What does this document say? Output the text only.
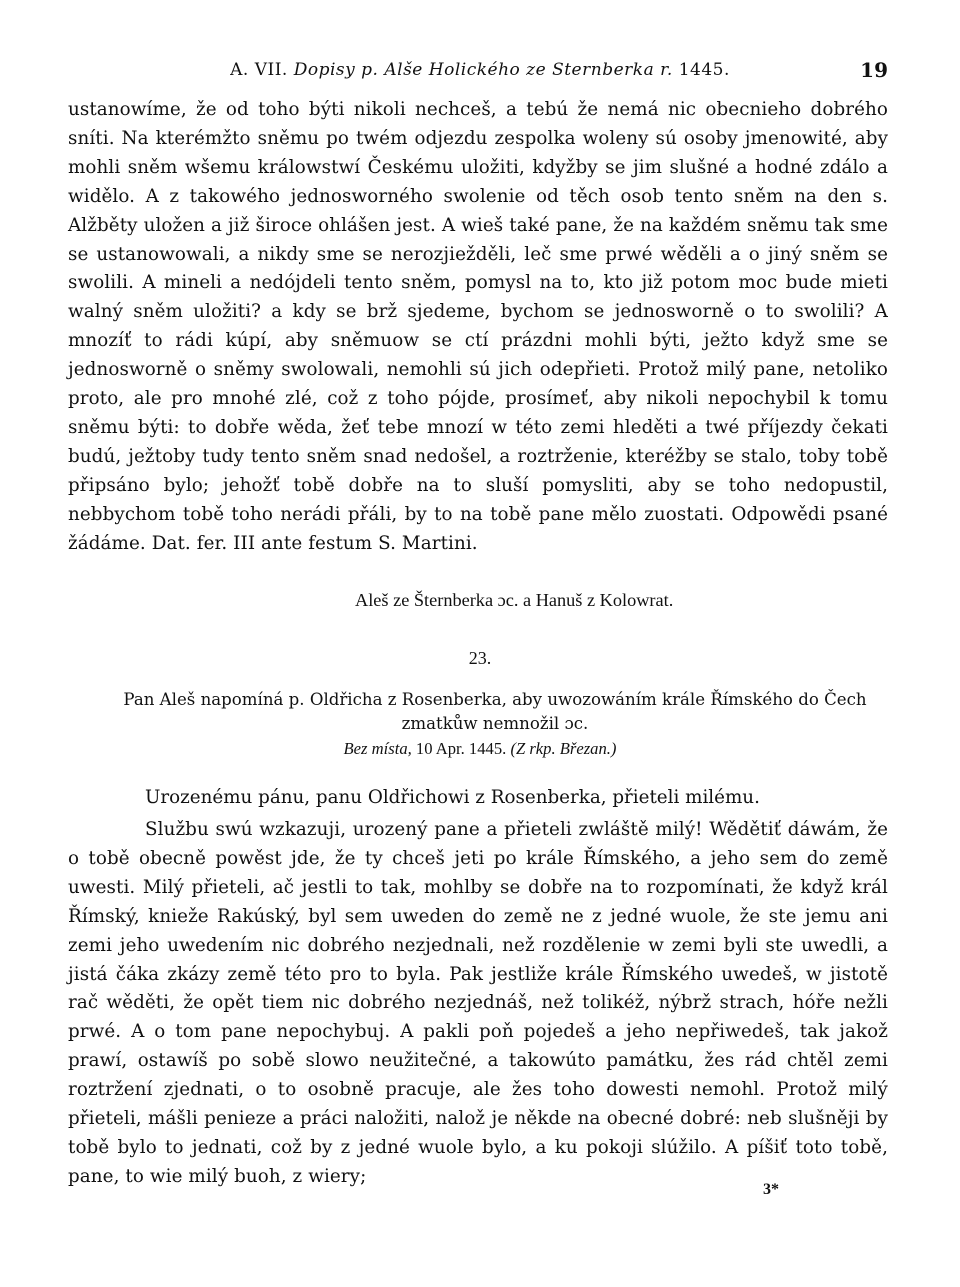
A. VII. Dopisy p. Alše Holického ze Sternberka r. 1445.	19
ustanowíme, že od toho býti nikoli nechceš, a tebú že nemá nic obecnieho dobrého sníti. Na kterémžto sněmu po twém odjezdu zespolka woleny sú osoby jmenowité, aby mohli sněm wšemu králowstwí Českému uložiti, kdyžby se jim slušné a hodné zdálo a widělo. A z takowého jednosworného swolenie od těch osob tento sněm na den s. Alžběty uložen a již široce ohlášen jest. A wieš také pane, že na každém sněmu tak sme se ustanowowali, a nikdy sme se nerozjiežděli, leč sme prwé wěděli a o jiný sněm se swolili. A mineli a nedójdeli tento sněm, pomysl na to, kto již potom moc bude mieti walný sněm uložiti? a kdy se brž sjedeme, bychom se jednosworně o to swolili? A mnozíť to rádi kúpí, aby sněmuow se ctí prázdni mohli býti, ježto když sme se jednosworně o sněmy swolowali, nemohli sú jich odepřieti. Protož milý pane, netoliko proto, ale pro mnohé zlé, což z toho pójde, prosímeť, aby nikoli nepochybil k tomu sněmu býti: to dobře wěda, žeť tebe mnozí w této zemi hleděti a twé příjezdy čekati budú, ježtoby tudy tento sněm snad nedošel, a roztrženie, kteréžby se stalo, toby tobě připsáno bylo; jehožť tobě dobře na to sluší pomysliti, aby se toho nedopustil, nebbychom tobě toho nerádi přáli, by to na tobě pane mělo zuostati. Odpowědi psané žádáme. Dat. fer. III ante festum S. Martini.
Aleš ze Šternberka ɔc. a Hanuš z Kolowrat.
23.
Pan Aleš napomíná p. Oldřicha z Rosenberka, aby uwozowáním krále Římského do Čech zmatkůw nemnožil ɔc.
Bez místa, 10 Apr. 1445. (Z rkp. Březan.)
Urozenému pánu, panu Oldřichowi z Rosenberka, přieteli milému.
Službu swú wzkazuji, urozený pane a přieteli zwláště milý! Wědětiť dáwám, že o tobě obecně powěst jde, že ty chceš jeti po krále Římského, a jeho sem do země uwesti. Milý přieteli, ač jestli to tak, mohlby se dobře na to rozpomínati, že když král Římský, knieže Rakúský, byl sem uweden do země ne z jedné wuole, že ste jemu ani zemi jeho uwedením nic dobrého nezjednali, než rozdělenie w zemi byli ste uwedli, a jistá čáka zkázy země této pro to byla. Pak jestliže krále Římského uwedeš, w jistotě rač wěděti, že opět tiem nic dobrého nezjednáš, než tolikéž, nýbrž strach, hóře nežli prwé. A o tom pane nepochybuj. A pakli poň pojedeš a jeho nepřiwedeš, tak jakož prawí, ostawíš po sobě slowo neužitečné, a takowúto památku, žes rád chtěl zemi roztržení zjednati, o to osobně pracuje, ale žes toho dowesti nemohl. Protož milý přieteli, mášli penieze a práci naložiti, nalož je někde na obecné dobré: neb slušněji by tobě bylo to jednati, což by z jedné wuole bylo, a ku pokoji slúžilo. A píšiť toto tobě, pane, to wie milý buoh, z wiery;
3*
